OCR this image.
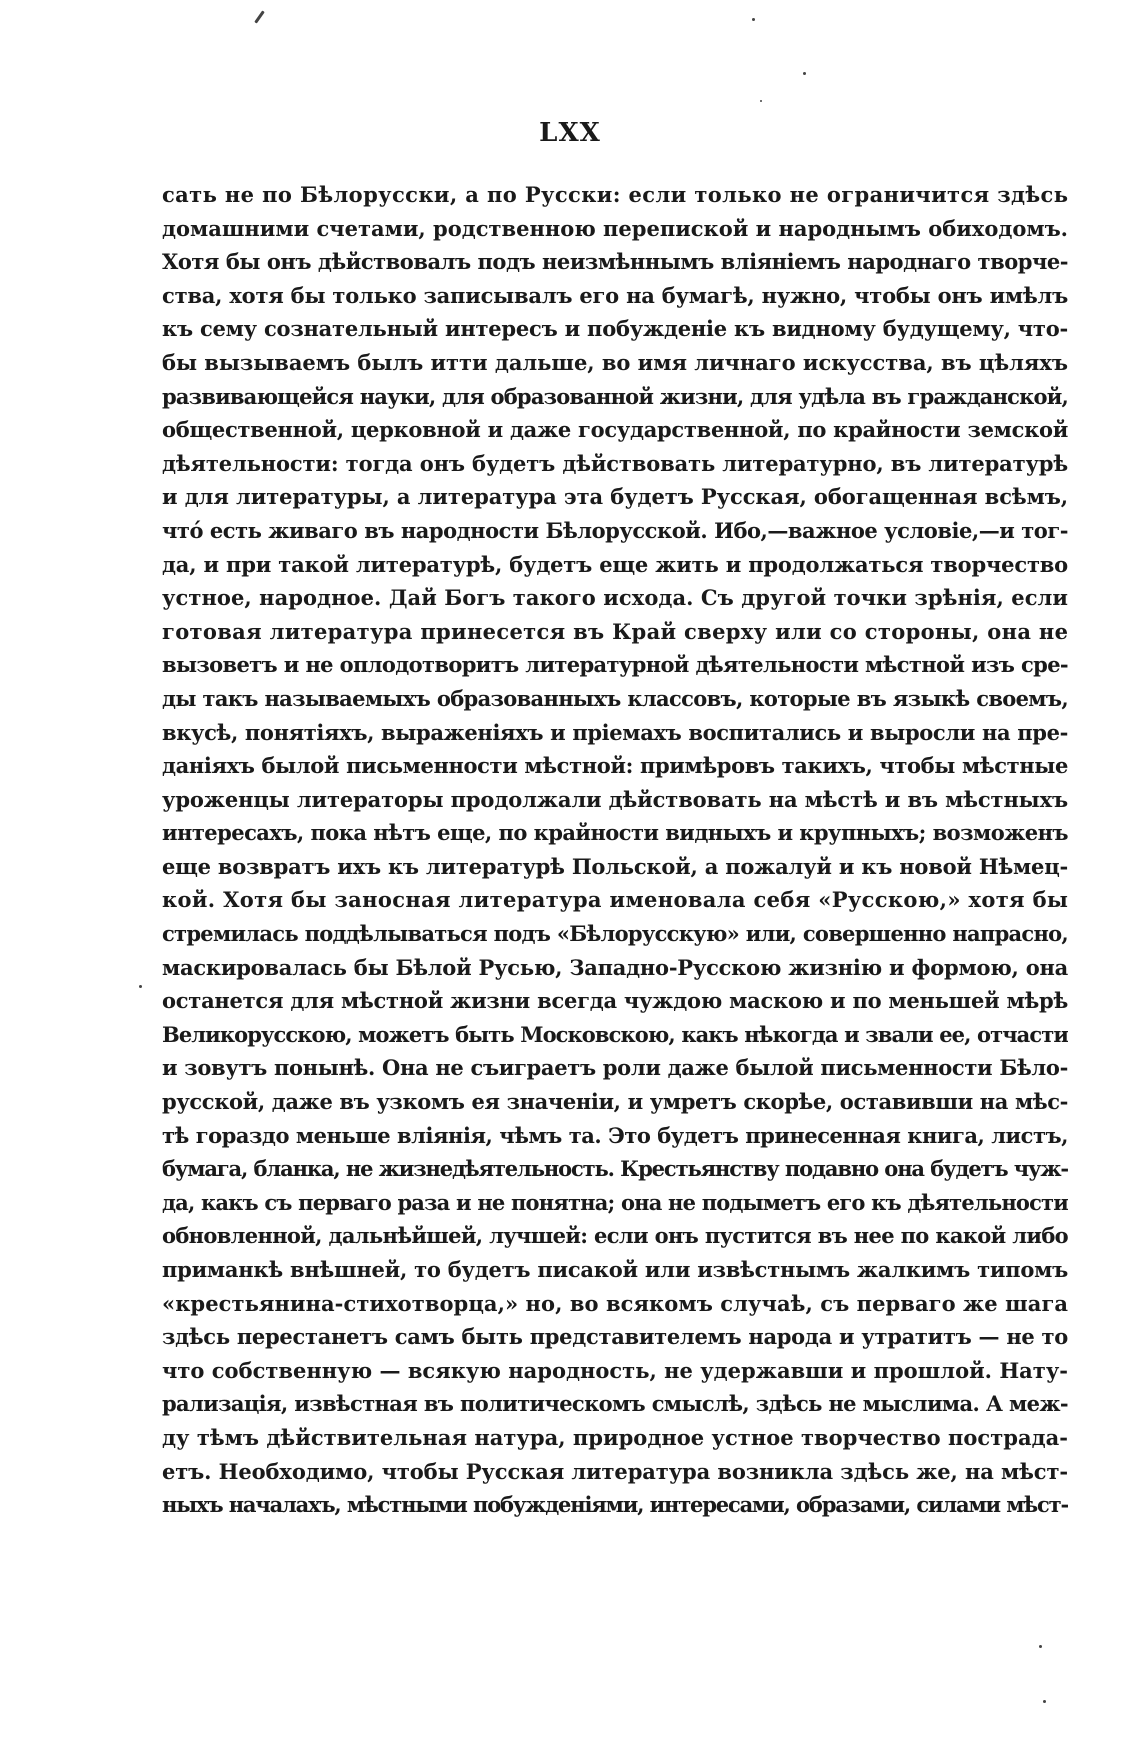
LXX
сать не по Бѣлорусски, а по Русски: если только не ограничится здѣсь
домашними счетами, родственною перепиской и народнымъ обиходомъ.
Хотя бы онъ дѣйствовалъ подъ неизмѣннымъ вліяніемъ народнаго творче-
ства, хотя бы только записывалъ его на бумагѣ, нужно, чтобы онъ имѣлъ
къ сему сознательный интересъ и побужденіе къ видному будущему, что-
бы вызываемъ былъ итти дальше, во имя личнаго искусства, въ цѣляхъ
развивающейся науки, для образованной жизни, для удѣла въ гражданской,
общественной, церковной и даже государственной, по крайности земской
дѣятельности: тогда онъ будетъ дѣйствовать литературно, въ литературѣ
и для литературы, а литература эта будетъ Русская, обогащенная всѣмъ,
что́ есть живаго въ народности Бѣлорусской. Ибо,—важное условіе,—и тог-
да, и при такой литературѣ, будетъ еще жить и продолжаться творчество
устное, народное. Дай Богъ такого исхода. Съ другой точки зрѣнія, если
готовая литература принесется въ Край сверху или со стороны, она не
вызоветъ и не оплодотворитъ литературной дѣятельности мѣстной изъ сре-
ды такъ называемыхъ образованныхъ классовъ, которые въ языкѣ своемъ,
вкусѣ, понятіяхъ, выраженіяхъ и пріемахъ воспитались и выросли на пре-
даніяхъ былой письменности мѣстной: примѣровъ такихъ, чтобы мѣстные
уроженцы литераторы продолжали дѣйствовать на мѣстѣ и въ мѣстныхъ
интересахъ, пока нѣтъ еще, по крайности видныхъ и крупныхъ; возможенъ
еще возвратъ ихъ къ литературѣ Польской, а пожалуй и къ новой Нѣмец-
кой. Хотя бы заносная литература именовала себя «Русскою,» хотя бы
стремилась поддѣлываться подъ «Бѣлорусскую» или, совершенно напрасно,
маскировалась бы Бѣлой Русью, Западно-Русскою жизнію и формою, она
останется для мѣстной жизни всегда чуждою маскою и по меньшей мѣрѣ
Великорусскою, можетъ быть Московскою, какъ нѣкогда и звали ее, отчасти
и зовутъ понынѣ. Она не съиграетъ роли даже былой письменности Бѣло-
русской, даже въ узкомъ ея значеніи, и умретъ скорѣе, оставивши на мѣс-
тѣ гораздо меньше вліянія, чѣмъ та. Это будетъ принесенная книга, листъ,
бумага, бланка, не жизнедѣятельность. Крестьянству подавно она будетъ чуж-
да, какъ съ перваго раза и не понятна; она не подыметъ его къ дѣятельности
обновленной, дальнѣйшей, лучшей: если онъ пустится въ нее по какой либо
приманкѣ внѣшней, то будетъ писакой или извѣстнымъ жалкимъ типомъ
«крестьянина-стихотворца,» но, во всякомъ случаѣ, съ перваго же шага
здѣсь перестанетъ самъ быть представителемъ народа и утратитъ — не то
что собственную — всякую народность, не удержавши и прошлой. Нату-
рализація, извѣстная въ политическомъ смыслѣ, здѣсь не мыслима. А меж-
ду тѣмъ дѣйствительная натура, природное устное творчество пострада-
етъ. Необходимо, чтобы Русская литература возникла здѣсь же, на мѣст-
ныхъ началахъ, мѣстными побужденіями, интересами, образами, силами мѣст-
